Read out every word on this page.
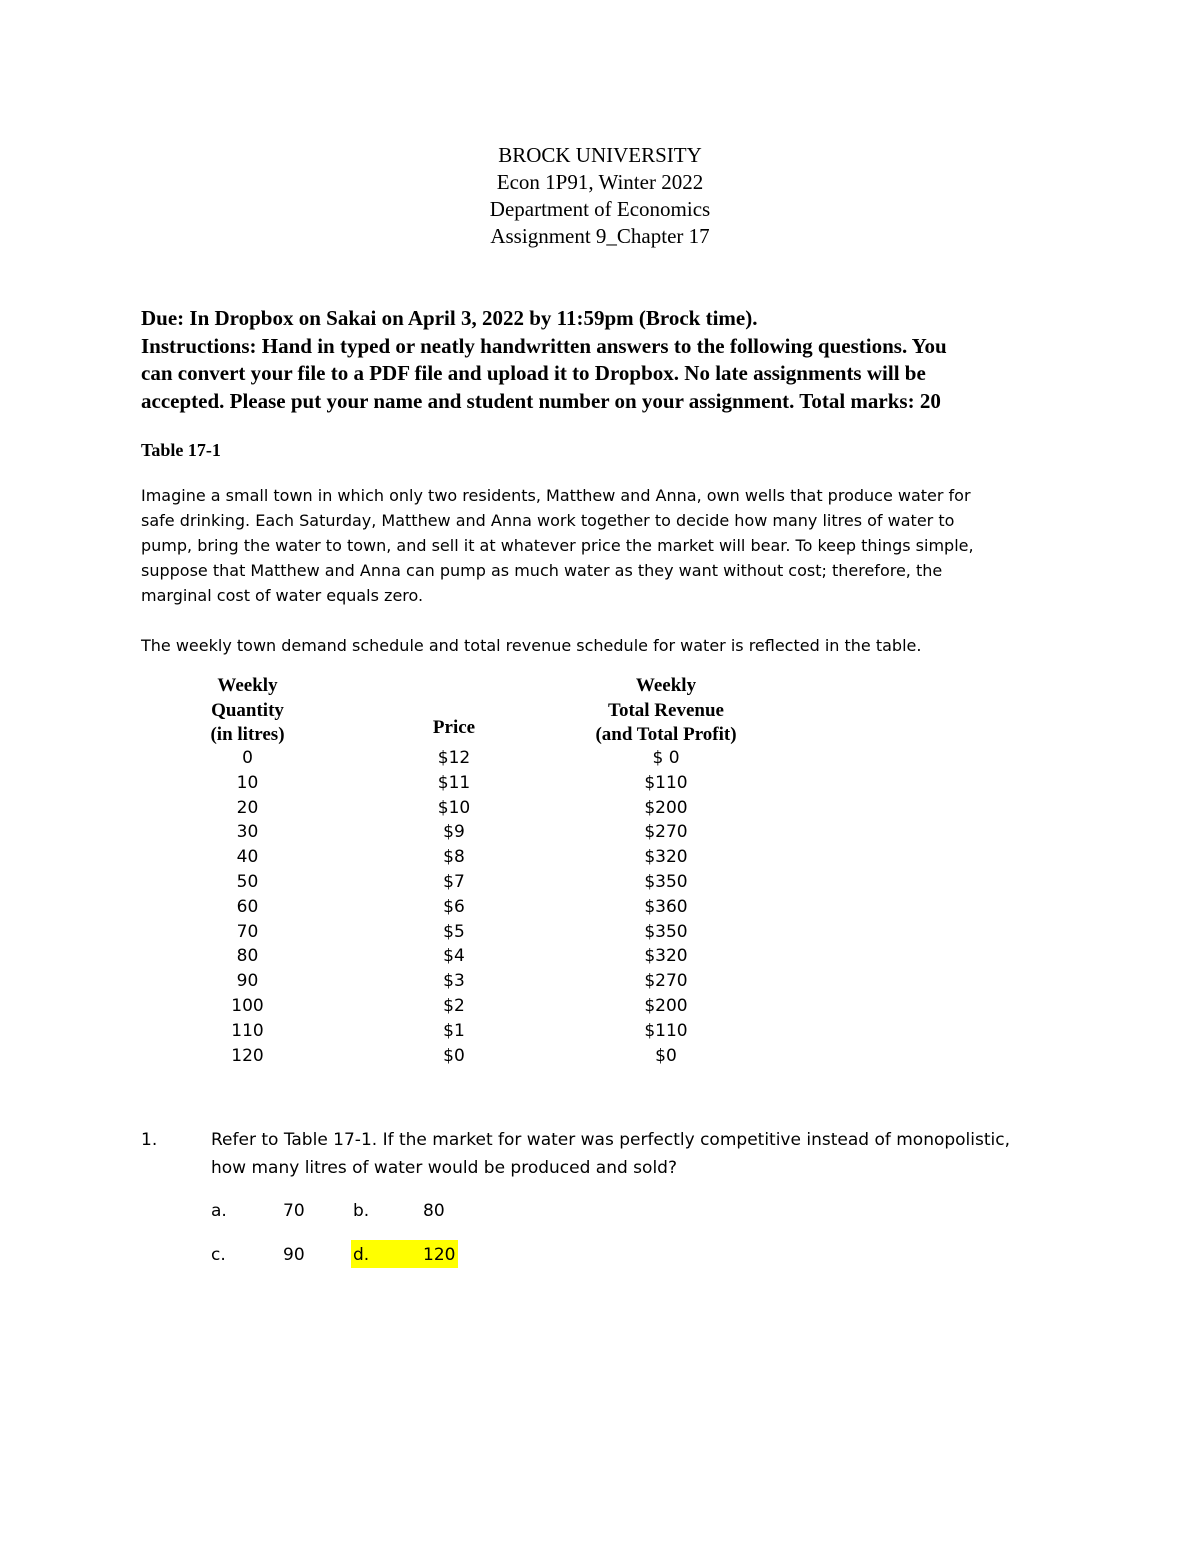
BROCK UNIVERSITY
Econ 1P91, Winter 2022
Department of Economics
Assignment 9_Chapter 17
Due: In Dropbox on Sakai on April 3, 2022 by 11:59pm (Brock time).
Instructions: Hand in typed or neatly handwritten answers to the following questions. You
can convert your file to a PDF file and upload it to Dropbox. No late assignments will be
accepted. Please put your name and student number on your assignment. Total marks: 20
Table 17-1
Imagine a small town in which only two residents, Matthew and Anna, own wells that produce water for
safe drinking. Each Saturday, Matthew and Anna work together to decide how many litres of water to
pump, bring the water to town, and sell it at whatever price the market will bear. To keep things simple,
suppose that Matthew and Anna can pump as much water as they want without cost; therefore, the
marginal cost of water equals zero.
The weekly town demand schedule and total revenue schedule for water is reflected in the table.
Weekly
Quantity
(in litres)	Price
Weekly
Total Revenue
(and Total Profit)
0	$12	$ 0
10	$11	$110
20	$10	$200
30	$9	$270
40	$8	$320
50	$7	$350
60	$6	$360
70	$5	$350
80	$4	$320
90	$3	$270
100	$2	$200
110	$1	$110
120	$0	$0
1.	Refer to Table 17-1. If the market for water was perfectly competitive instead of monopolistic,
how many litres of water would be produced and sold?
a.	70	b.	80
c.	90	d.	120
